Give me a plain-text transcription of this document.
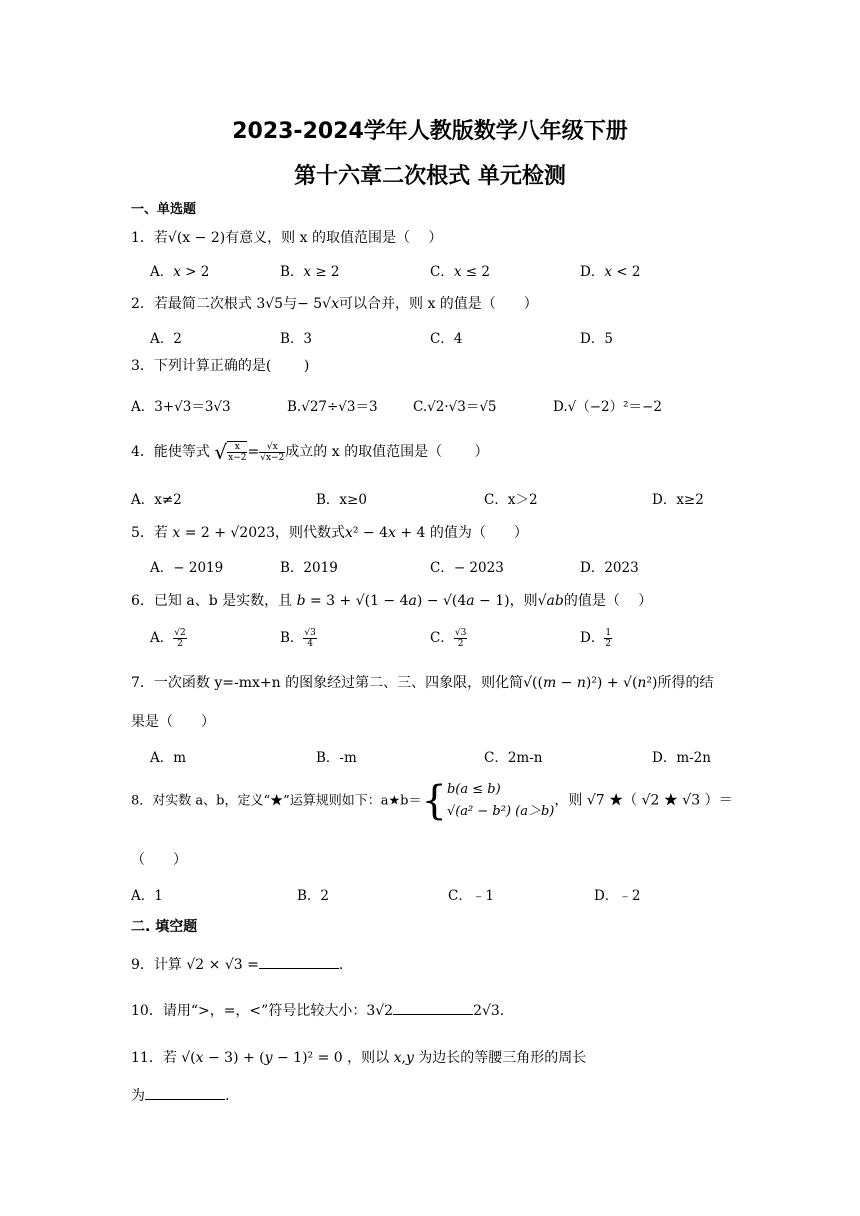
2023-2024学年人教版数学八年级下册
第十六章二次根式 单元检测
一、单选题
1．若√(x − 2)有意义，则 x 的取值范围是（　 ）
A．𝑥 > 2	B．𝑥 ≥ 2	C．𝑥 ≤ 2	D．𝑥 < 2
2．若最简二次根式 3√5与− 5√𝑥可以合并，则 x 的值是（　　）
A．2	B．3	C．4	D．5
3．下列计算正确的是(　　 )
A．3+√3＝3√3	B.√27÷√3＝3	C.√2·√3＝√5	D.√（−2）²＝−2
4．能使等式 √ $\frac{x}{x-2} = \frac{√x}{√x-2}$ 成立的 x 的取值范围是（　　 ）
A．x≠2	B．x≥0	C．x＞2	D．x≥2
5．若 𝑥 = 2 + √2023，则代数式𝑥² − 4𝑥 + 4 的值为（　　）
A．− 2019	B．2019	C．− 2023	D．2023
6．已知 a、b 是实数，且 𝑏 = 3 + √(1 − 4𝑎) − √(4𝑎 − 1)，则√𝑎𝑏的值是（　 ）
A． $\frac{√2}{2}$	B． $\frac{√3}{4}$	C． $\frac{√3}{2}$	D． $\frac{1}{2}$
7．一次函数 y=-mx+n 的图象经过第二、三、四象限，则化简√((𝑚 − 𝑛)²) + √(𝑛²)所得的结
果是（　　）
A．m	B．-m	C．2m-n	D．m-2n
8．对实数 a、b，定义“★”运算规则如下：a★b＝{ b(a ≤ b)
√(a² − b²) (a＞b)
，则 √7 ★（ √2 ★ √3 ）＝
（　　）
A．1	B．2	C．﹣1	D．﹣2
二. 填空题
9．计算 √2 × √3 =	.
10．请用“>，=，<”符号比较大小：3√2	2√3.
11．若 √(𝑥 − 3) + (𝑦 − 1)² = 0 ，则以 𝑥,𝑦 为边长的等腰三角形的周长
为	.
